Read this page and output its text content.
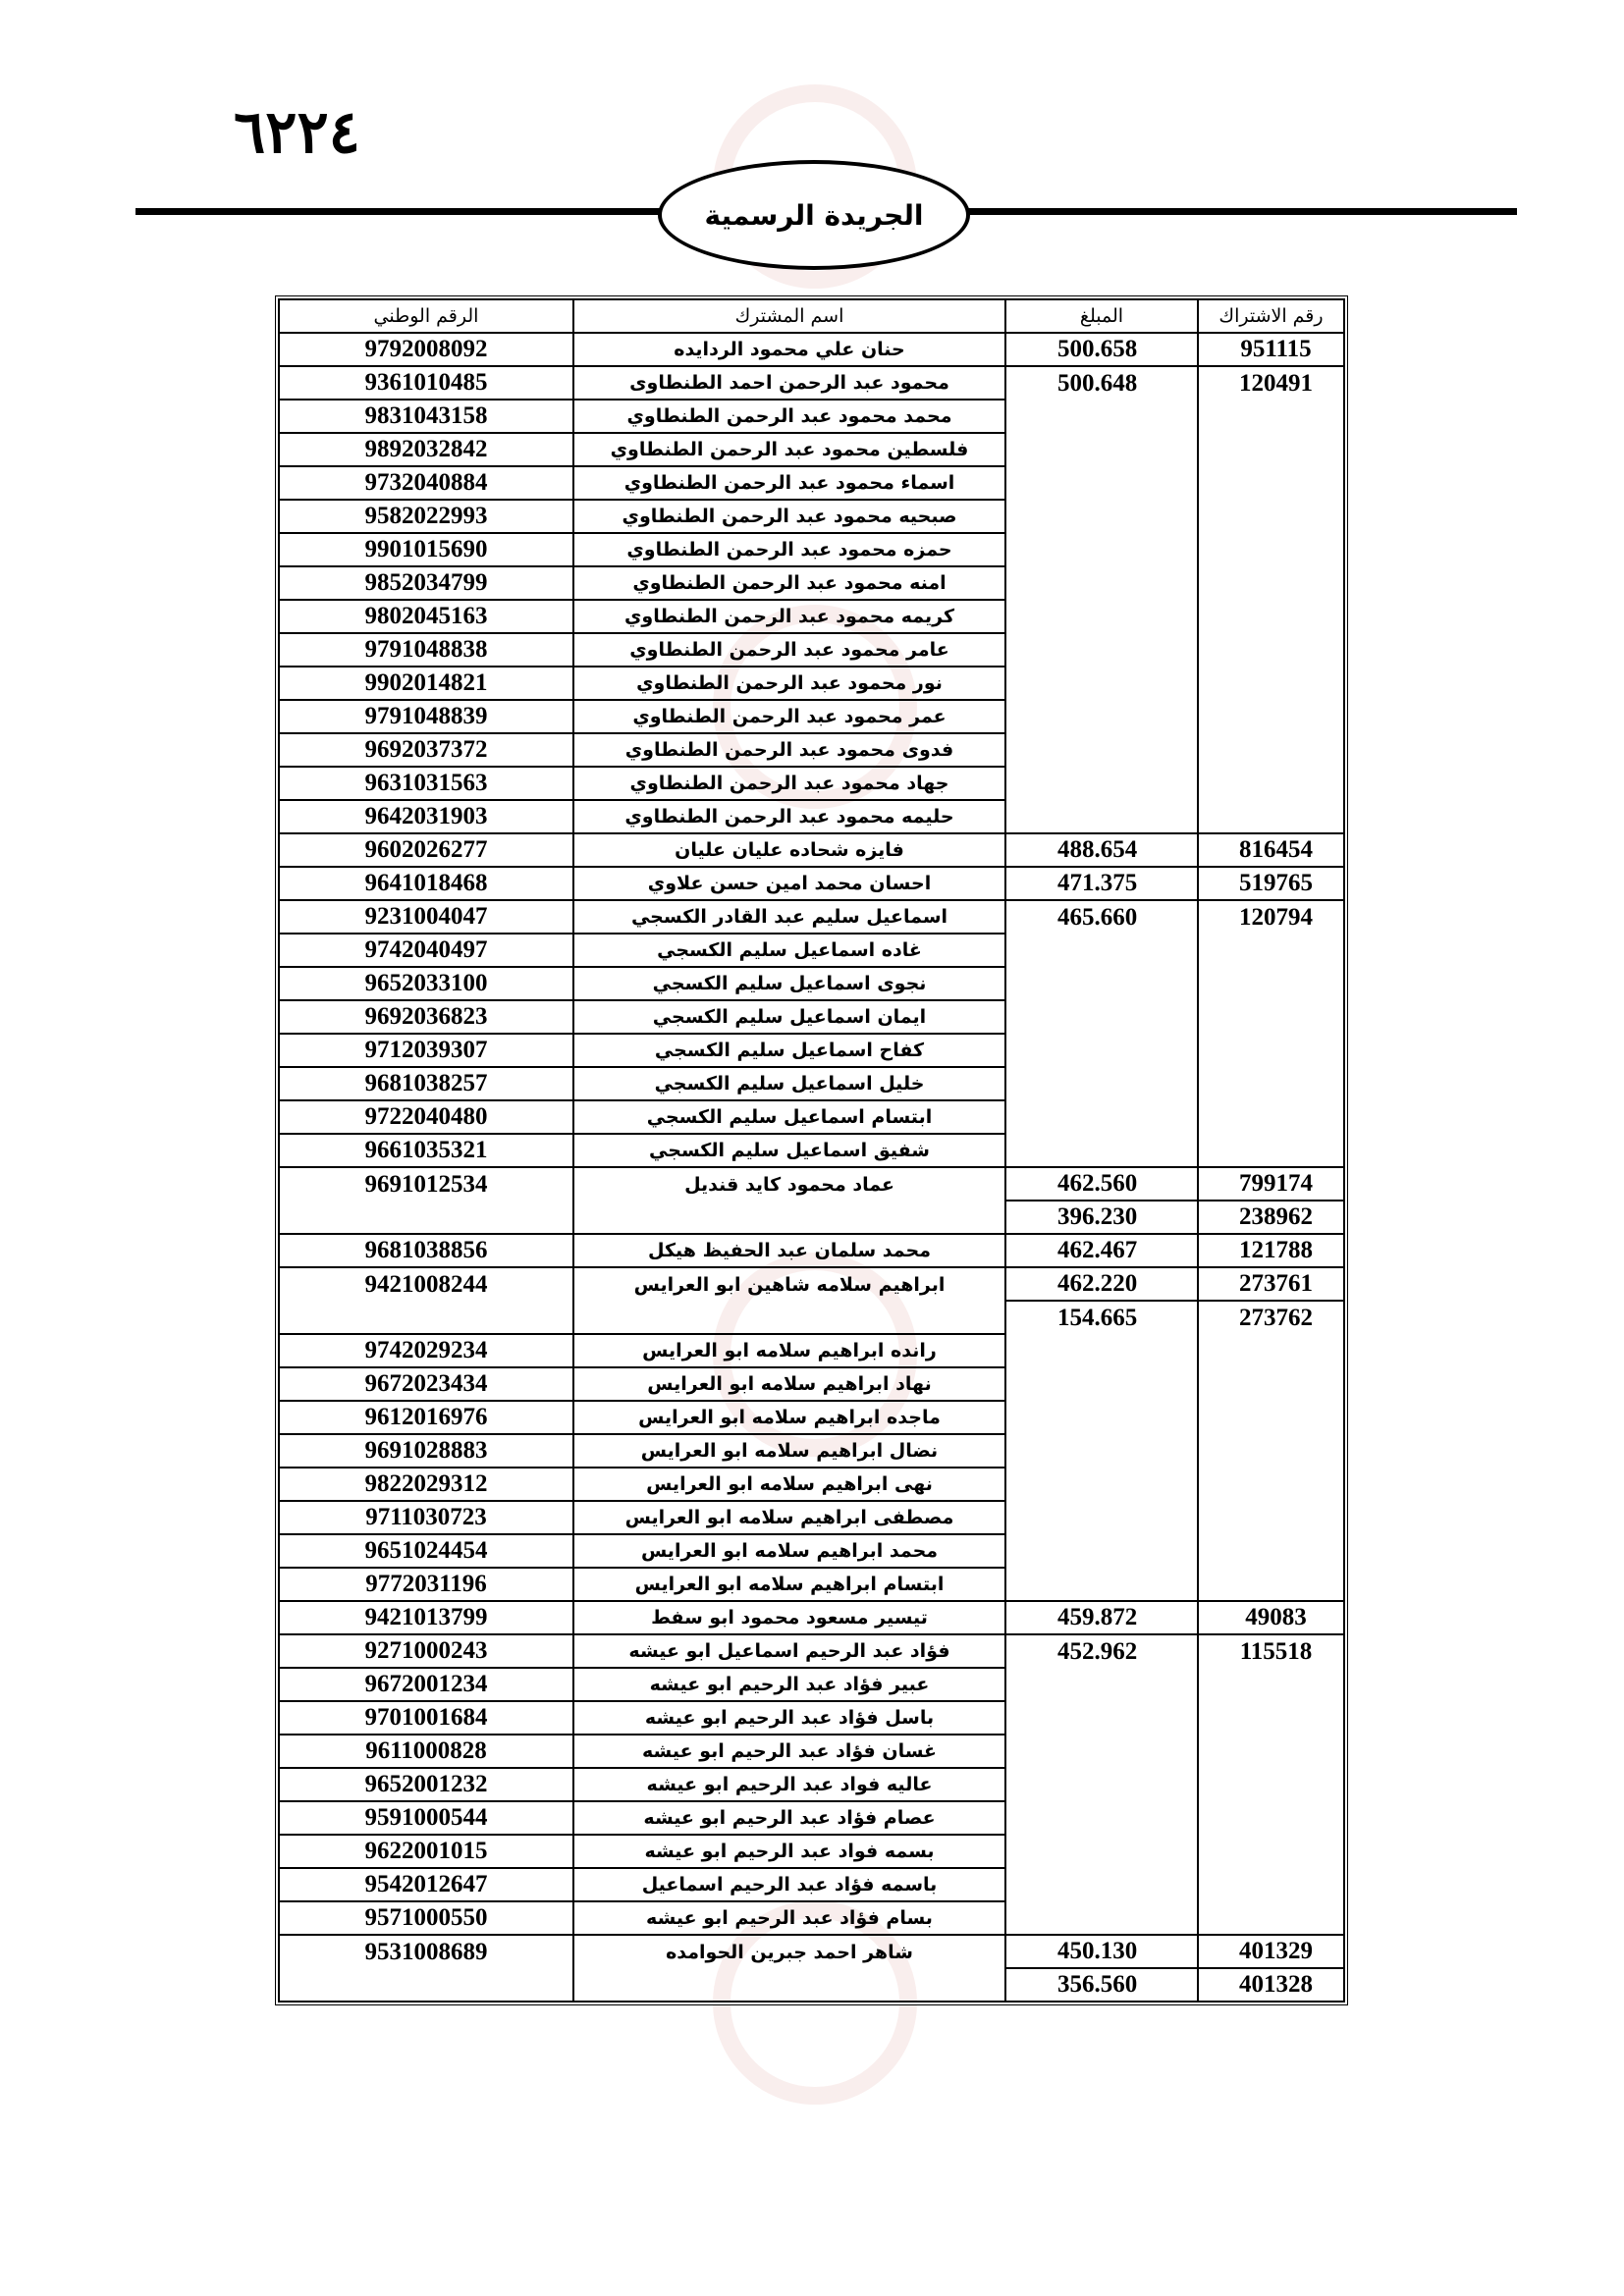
٦٢٢٤
الجريدة الرسمية
الرقم الوطني	اسم المشترك	المبلغ	رقم الاشتراك
9792008092	حنان علي محمود الردايده	500.658	951115
9361010485	محمود عبد الرحمن احمد الطنطاوى	500.648	120491
9831043158	محمد محمود عبد الرحمن الطنطاوي		
9892032842	فلسطين محمود عبد الرحمن الطنطاوي		
9732040884	اسماء محمود عبد الرحمن الطنطاوي		
9582022993	صبحيه محمود عبد الرحمن الطنطاوي		
9901015690	حمزه محمود عبد الرحمن الطنطاوي		
9852034799	امنه محمود عبد الرحمن الطنطاوي		
9802045163	كريمه محمود عبد الرحمن الطنطاوي		
9791048838	عامر محمود عبد الرحمن الطنطاوي		
9902014821	نور محمود عبد الرحمن الطنطاوي		
9791048839	عمر محمود عبد الرحمن الطنطاوي		
9692037372	فدوى محمود عبد الرحمن الطنطاوي		
9631031563	جهاد محمود عبد الرحمن الطنطاوي		
9642031903	حليمه محمود عبد الرحمن الطنطاوي		
9602026277	فايزه شحاده عليان عليان	488.654	816454
9641018468	احسان محمد امين حسن علاوي	471.375	519765
9231004047	اسماعيل سليم عبد القادر الكسجي	465.660	120794
9742040497	غاده اسماعيل سليم الكسجي		
9652033100	نجوى اسماعيل سليم الكسجي		
9692036823	ايمان اسماعيل سليم الكسجي		
9712039307	كفاح اسماعيل سليم الكسجي		
9681038257	خليل اسماعيل سليم الكسجي		
9722040480	ابتسام اسماعيل سليم الكسجي		
9661035321	شفيق اسماعيل سليم الكسجي		
9691012534	عماد محمود كايد قنديل	462.560	799174
		396.230	238962
9681038856	محمد سلمان عبد الحفيظ هيكل	462.467	121788
9421008244	ابراهيم سلامه شاهين ابو العرايس	462.220	273761
		154.665	273762
9742029234	رانده ابراهيم سلامه ابو العرايس		
9672023434	نهاد ابراهيم سلامه ابو العرايس		
9612016976	ماجده ابراهيم سلامه ابو العرايس		
9691028883	نضال ابراهيم سلامه ابو العرايس		
9822029312	نهى ابراهيم سلامه ابو العرايس		
9711030723	مصطفى ابراهيم سلامه ابو العرايس		
9651024454	محمد ابراهيم سلامه ابو العرايس		
9772031196	ابتسام ابراهيم سلامه ابو العرايس		
9421013799	تيسير مسعود محمود ابو سفط	459.872	49083
9271000243	فؤاد عبد الرحيم اسماعيل ابو عيشه	452.962	115518
9672001234	عبير فؤاد عبد الرحيم ابو عيشه		
9701001684	باسل فؤاد عبد الرحيم ابو عيشه		
9611000828	غسان فؤاد عبد الرحيم ابو عيشه		
9652001232	عاليه فواد عبد الرحيم ابو عيشه		
9591000544	عصام فؤاد عبد الرحيم ابو عيشه		
9622001015	بسمه فواد عبد الرحيم ابو عيشه		
9542012647	باسمه فؤاد عبد الرحيم اسماعيل		
9571000550	بسام فؤاد عبد الرحيم ابو عيشه		
9531008689	شاهر احمد جبرين الحوامده	450.130	401329
		356.560	401328
